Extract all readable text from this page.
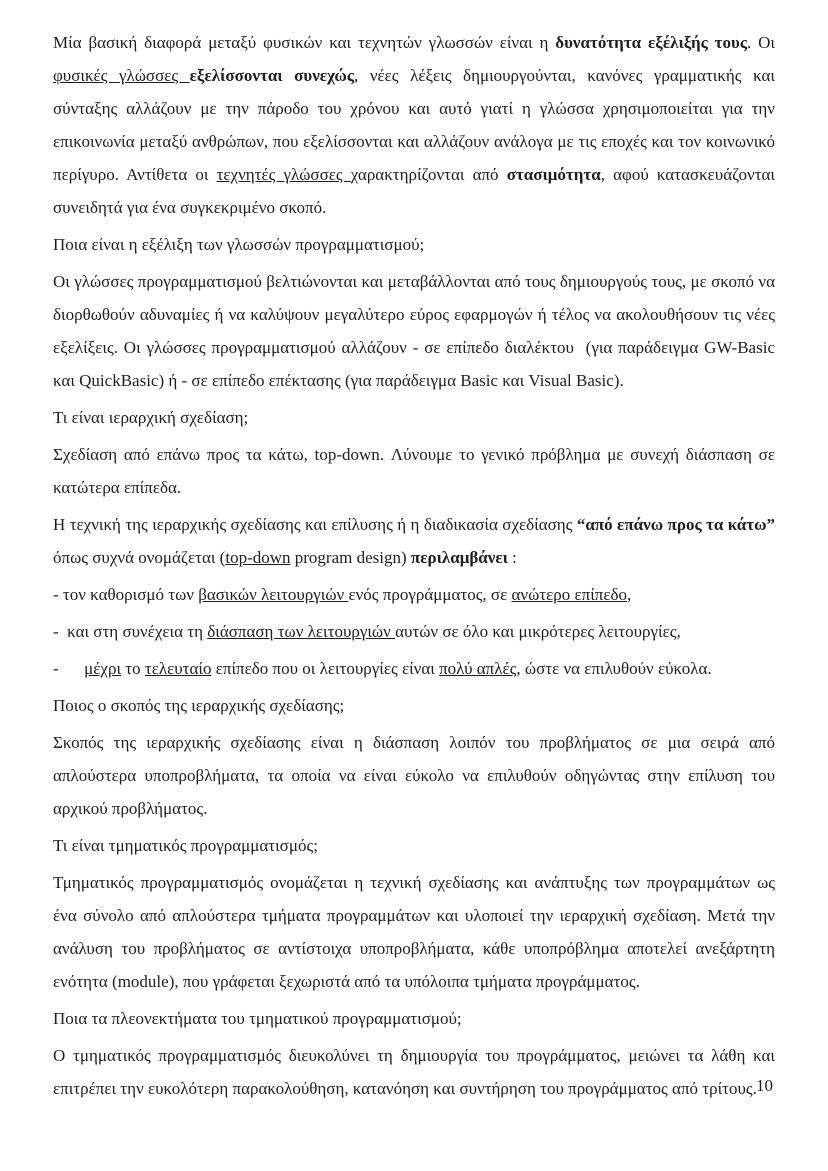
Μία βασική διαφορά μεταξύ φυσικών και τεχνητών γλωσσών είναι η δυνατότητα εξέλιξής τους. Οι φυσικές γλώσσες εξελίσσονται συνεχώς, νέες λέξεις δημιουργούνται, κανόνες γραμματικής και σύνταξης αλλάζουν με την πάροδο του χρόνου και αυτό γιατί η γλώσσα χρησιμοποιείται για την επικοινωνία μεταξύ ανθρώπων, που εξελίσσονται και αλλάζουν ανάλογα με τις εποχές και τον κοινωνικό περίγυρο. Αντίθετα οι τεχνητές γλώσσες χαρακτηρίζονται από στασιμότητα, αφού κατασκευάζονται συνειδητά για ένα συγκεκριμένο σκοπό.

Ποια είναι η εξέλιξη των γλωσσών προγραμματισμού;

Οι γλώσσες προγραμματισμού βελτιώνονται και μεταβάλλονται από τους δημιουργούς τους, με σκοπό να διορθωθούν αδυναμίες ή να καλύψουν μεγαλύτερο εύρος εφαρμογών ή τέλος να ακολουθήσουν τις νέες εξελίξεις. Οι γλώσσες προγραμματισμού αλλάζουν - σε επίπεδο διαλέκτου  (για παράδειγμα GW-Basic και QuickBasic) ή - σε επίπεδο επέκτασης (για παράδειγμα Basic και Visual Basic).

Τι είναι ιεραρχική σχεδίαση;

Σχεδίαση από επάνω προς τα κάτω, top-down. Λύνουμε το γενικό πρόβλημα με συνεχή διάσπαση σε κατώτερα επίπεδα.

Η τεχνική της ιεραρχικής σχεδίασης και επίλυσης ή η διαδικασία σχεδίασης “από επάνω προς τα κάτω” όπως συχνά ονομάζεται (top-down program design) περιλαμβάνει :

- τον καθορισμό των βασικών λειτουργιών ενός προγράμματος, σε ανώτερο επίπεδο,

-  και στη συνέχεια τη διάσπαση των λειτουργιών αυτών σε όλο και μικρότερες λειτουργίες,

-      μέχρι το τελευταίο επίπεδο που οι λειτουργίες είναι πολύ απλές, ώστε να επιλυθούν εύκολα.

Ποιος ο σκοπός της ιεραρχικής σχεδίασης;

Σκοπός της ιεραρχικής σχεδίασης είναι η διάσπαση λοιπόν του προβλήματος σε μια σειρά από απλούστερα υποπροβλήματα, τα οποία να είναι εύκολο να επιλυθούν οδηγώντας στην επίλυση του αρχικού προβλήματος.

Τι είναι τμηματικός προγραμματισμός;

Τμηματικός προγραμματισμός ονομάζεται η τεχνική σχεδίασης και ανάπτυξης των προγραμμάτων ως ένα σύνολο από απλούστερα τμήματα προγραμμάτων και υλοποιεί την ιεραρχική σχεδίαση. Μετά την ανάλυση του προβλήματος σε αντίστοιχα υποπροβλήματα, κάθε υποπρόβλημα αποτελεί ανεξάρτητη ενότητα (module), που γράφεται ξεχωριστά από τα υπόλοιπα τμήματα προγράμματος.

Ποια τα πλεονεκτήματα του τμηματικού προγραμματισμού;

Ο τμηματικός προγραμματισμός διευκολύνει τη δημιουργία του προγράμματος, μειώνει τα λάθη και επιτρέπει την ευκολότερη παρακολούθηση, κατανόηση και συντήρηση του προγράμματος από τρίτους. 10
